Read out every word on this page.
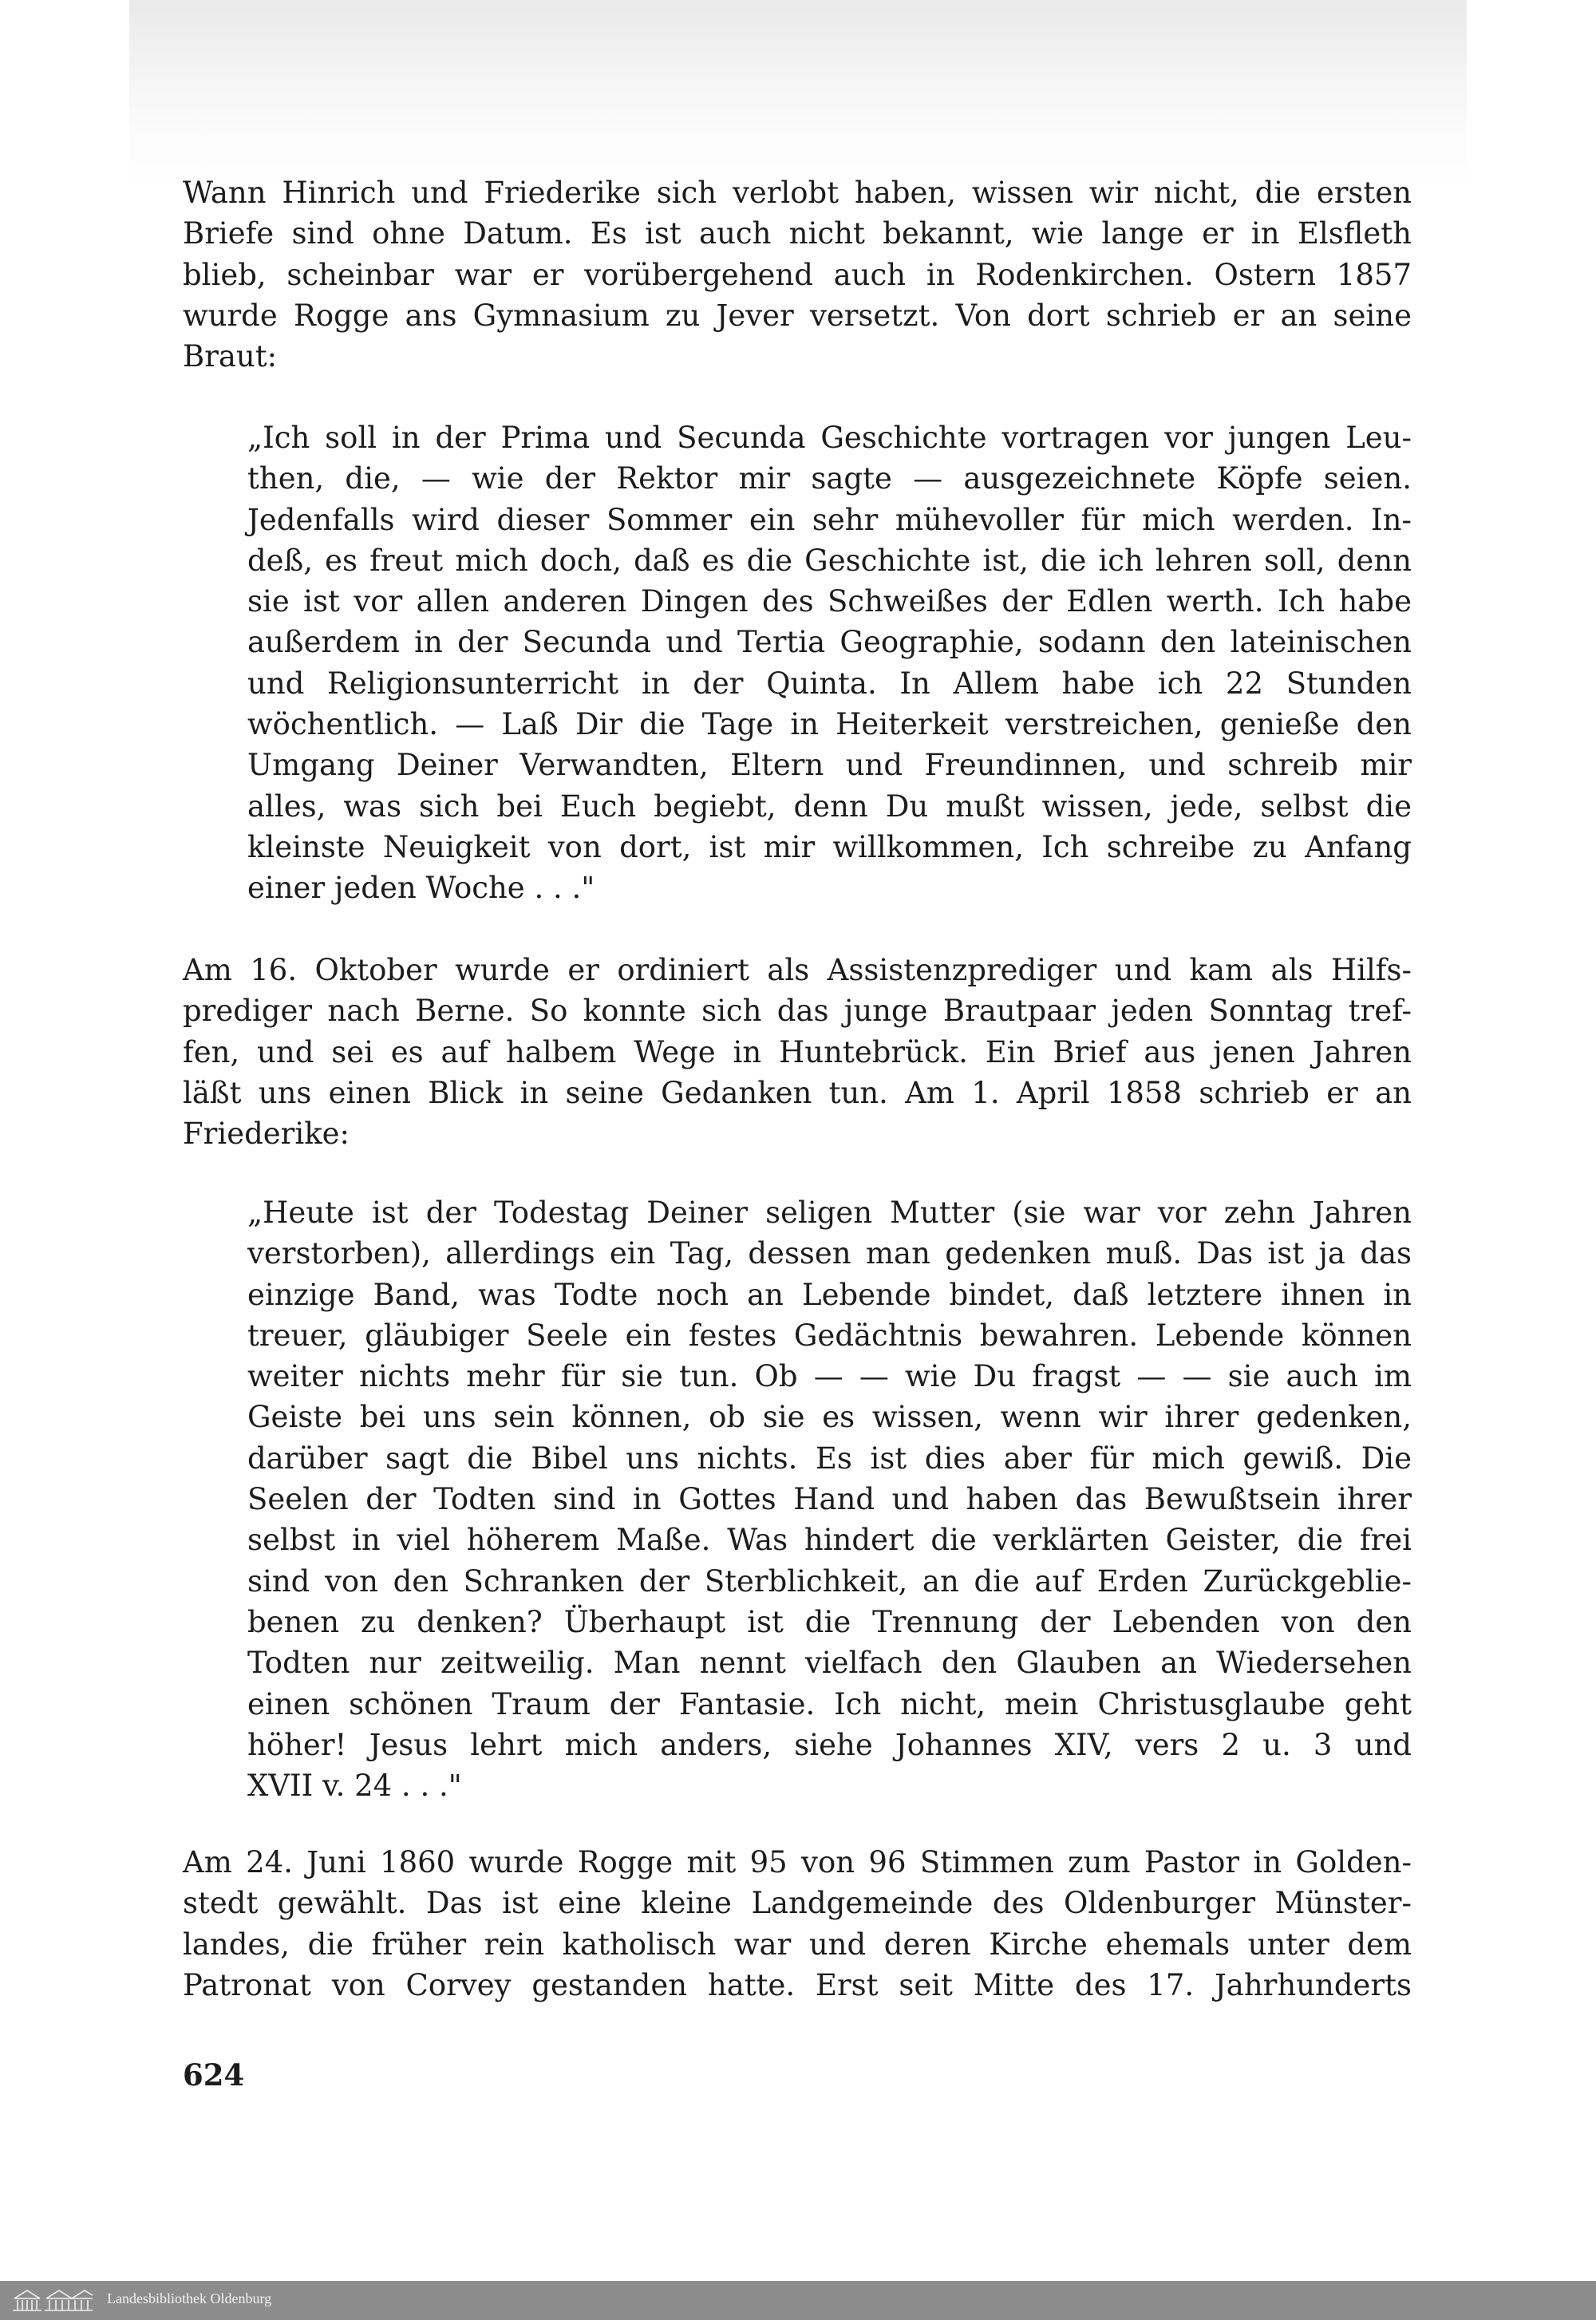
Wann Hinrich und Friederike sich verlobt haben, wissen wir nicht, die ersten
Briefe sind ohne Datum. Es ist auch nicht bekannt, wie lange er in Elsfleth
blieb, scheinbar war er vorübergehend auch in Rodenkirchen. Ostern 1857
wurde Rogge ans Gymnasium zu Jever versetzt. Von dort schrieb er an seine
Braut:
„Ich soll in der Prima und Secunda Geschichte vortragen vor jungen Leu-
then, die, — wie der Rektor mir sagte — ausgezeichnete Köpfe seien.
Jedenfalls wird dieser Sommer ein sehr mühevoller für mich werden. In-
deß, es freut mich doch, daß es die Geschichte ist, die ich lehren soll, denn
sie ist vor allen anderen Dingen des Schweißes der Edlen werth. Ich habe
außerdem in der Secunda und Tertia Geographie, sodann den lateinischen
und Religionsunterricht in der Quinta. In Allem habe ich 22 Stunden
wöchentlich. — Laß Dir die Tage in Heiterkeit verstreichen, genieße den
Umgang Deiner Verwandten, Eltern und Freundinnen, und schreib mir
alles, was sich bei Euch begiebt, denn Du mußt wissen, jede, selbst die
kleinste Neuigkeit von dort, ist mir willkommen, Ich schreibe zu Anfang
einer jeden Woche . . ."
Am 16. Oktober wurde er ordiniert als Assistenzprediger und kam als Hilfs-
prediger nach Berne. So konnte sich das junge Brautpaar jeden Sonntag tref-
fen, und sei es auf halbem Wege in Huntebrück. Ein Brief aus jenen Jahren
läßt uns einen Blick in seine Gedanken tun. Am 1. April 1858 schrieb er an
Friederike:
„Heute ist der Todestag Deiner seligen Mutter (sie war vor zehn Jahren
verstorben), allerdings ein Tag, dessen man gedenken muß. Das ist ja das
einzige Band, was Todte noch an Lebende bindet, daß letztere ihnen in
treuer, gläubiger Seele ein festes Gedächtnis bewahren. Lebende können
weiter nichts mehr für sie tun. Ob — — wie Du fragst — — sie auch im
Geiste bei uns sein können, ob sie es wissen, wenn wir ihrer gedenken,
darüber sagt die Bibel uns nichts. Es ist dies aber für mich gewiß. Die
Seelen der Todten sind in Gottes Hand und haben das Bewußtsein ihrer
selbst in viel höherem Maße. Was hindert die verklärten Geister, die frei
sind von den Schranken der Sterblichkeit, an die auf Erden Zurückgeblie-
benen zu denken? Überhaupt ist die Trennung der Lebenden von den
Todten nur zeitweilig. Man nennt vielfach den Glauben an Wiedersehen
einen schönen Traum der Fantasie. Ich nicht, mein Christusglaube geht
höher! Jesus lehrt mich anders, siehe Johannes XIV, vers 2 u. 3 und
XVII v. 24 . . ."
Am 24. Juni 1860 wurde Rogge mit 95 von 96 Stimmen zum Pastor in Golden-
stedt gewählt. Das ist eine kleine Landgemeinde des Oldenburger Münster-
landes, die früher rein katholisch war und deren Kirche ehemals unter dem
Patronat von Corvey gestanden hatte. Erst seit Mitte des 17. Jahrhunderts
624
Landesbibliothek Oldenburg
